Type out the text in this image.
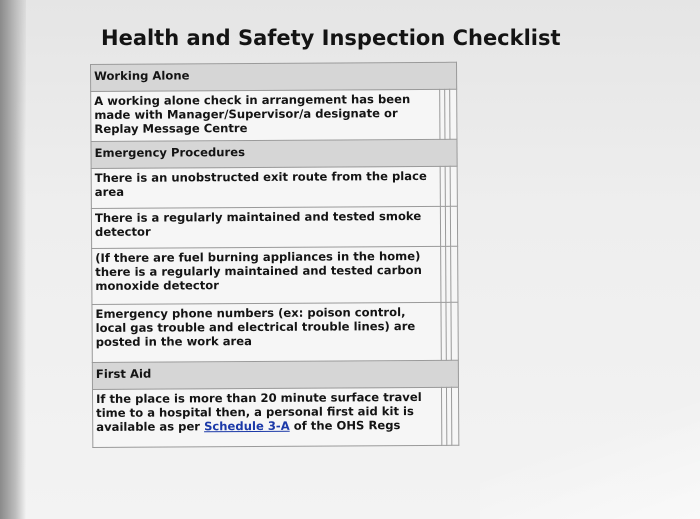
Health and Safety Inspection Checklist
Working Alone			
A working alone check in arrangement has been made with Manager/Supervisor/a designate or Replay Message Centre			
Emergency Procedures			
There is an unobstructed exit route from the place area			
There is a regularly maintained and tested smoke detector			
(If there are fuel burning appliances in the home) there is a regularly maintained and tested carbon monoxide detector			
Emergency phone numbers (ex: poison control, local gas trouble and electrical trouble lines) are posted in the work area			
First Aid			
If the place is more than 20 minute surface travel time to a hospital then, a personal first aid kit is available as per Schedule 3-A of the OHS Regs			
